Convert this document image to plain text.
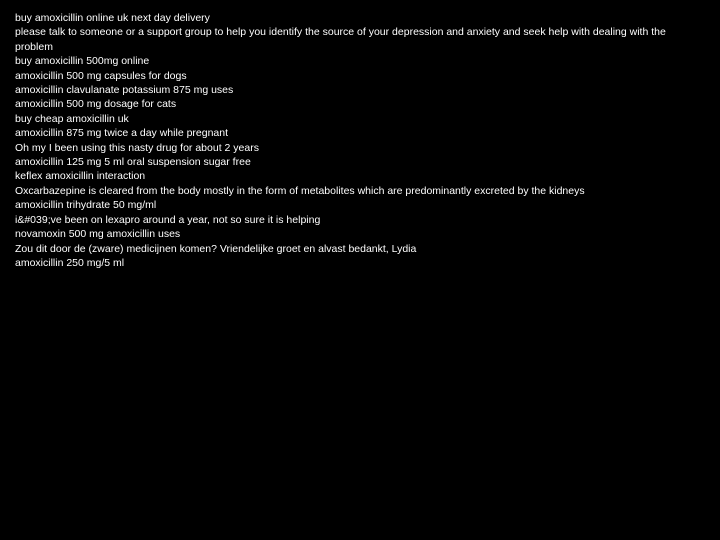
buy amoxicillin online uk next day delivery
please talk to someone or a support group to help you identify the source of your depression and anxiety and seek help with dealing with the problem
buy amoxicillin 500mg online
amoxicillin 500 mg capsules for dogs
amoxicillin clavulanate potassium 875 mg uses
amoxicillin 500 mg dosage for cats
buy cheap amoxicillin uk
amoxicillin 875 mg twice a day while pregnant
Oh my I been using this nasty drug for about 2 years
amoxicillin 125 mg 5 ml oral suspension sugar free
keflex amoxicillin interaction
Oxcarbazepine is cleared from the body mostly in the form of metabolites which are predominantly excreted by the kidneys
amoxicillin trihydrate 50 mg/ml
i&#039;ve been on lexapro around a year, not so sure it is helping
novamoxin 500 mg amoxicillin uses
Zou dit door de (zware) medicijnen komen? Vriendelijke groet en alvast bedankt, Lydia
amoxicillin 250 mg/5 ml
